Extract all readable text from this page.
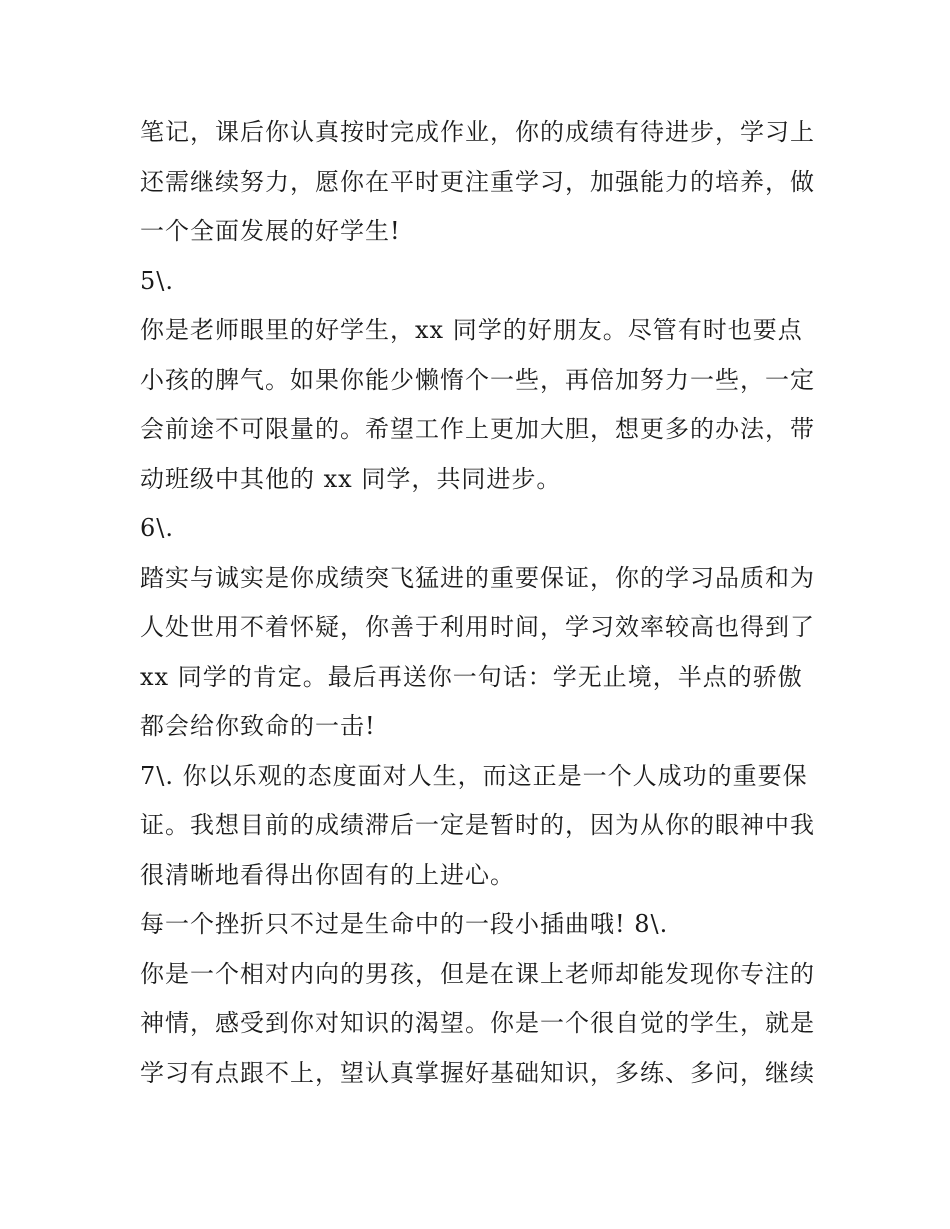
笔记，课后你认真按时完成作业，你的成绩有待进步，学习上
还需继续努力，愿你在平时更注重学习，加强能力的培养，做
一个全面发展的好学生!
5\.
你是老师眼里的好学生，xx 同学的好朋友。尽管有时也要点
小孩的脾气。如果你能少懒惰个一些，再倍加努力一些，一定
会前途不可限量的。希望工作上更加大胆，想更多的办法，带
动班级中其他的 xx 同学，共同进步。
6\.
踏实与诚实是你成绩突飞猛进的重要保证，你的学习品质和为
人处世用不着怀疑，你善于利用时间，学习效率较高也得到了
xx 同学的肯定。最后再送你一句话：学无止境，半点的骄傲
都会给你致命的一击!
7\. 你以乐观的态度面对人生，而这正是一个人成功的重要保
证。我想目前的成绩滞后一定是暂时的，因为从你的眼神中我
很清晰地看得出你固有的上进心。
每一个挫折只不过是生命中的一段小插曲哦! 8\.
你是一个相对内向的男孩，但是在课上老师却能发现你专注的
神情，感受到你对知识的渴望。你是一个很自觉的学生，就是
学习有点跟不上，望认真掌握好基础知识，多练、多问，继续
